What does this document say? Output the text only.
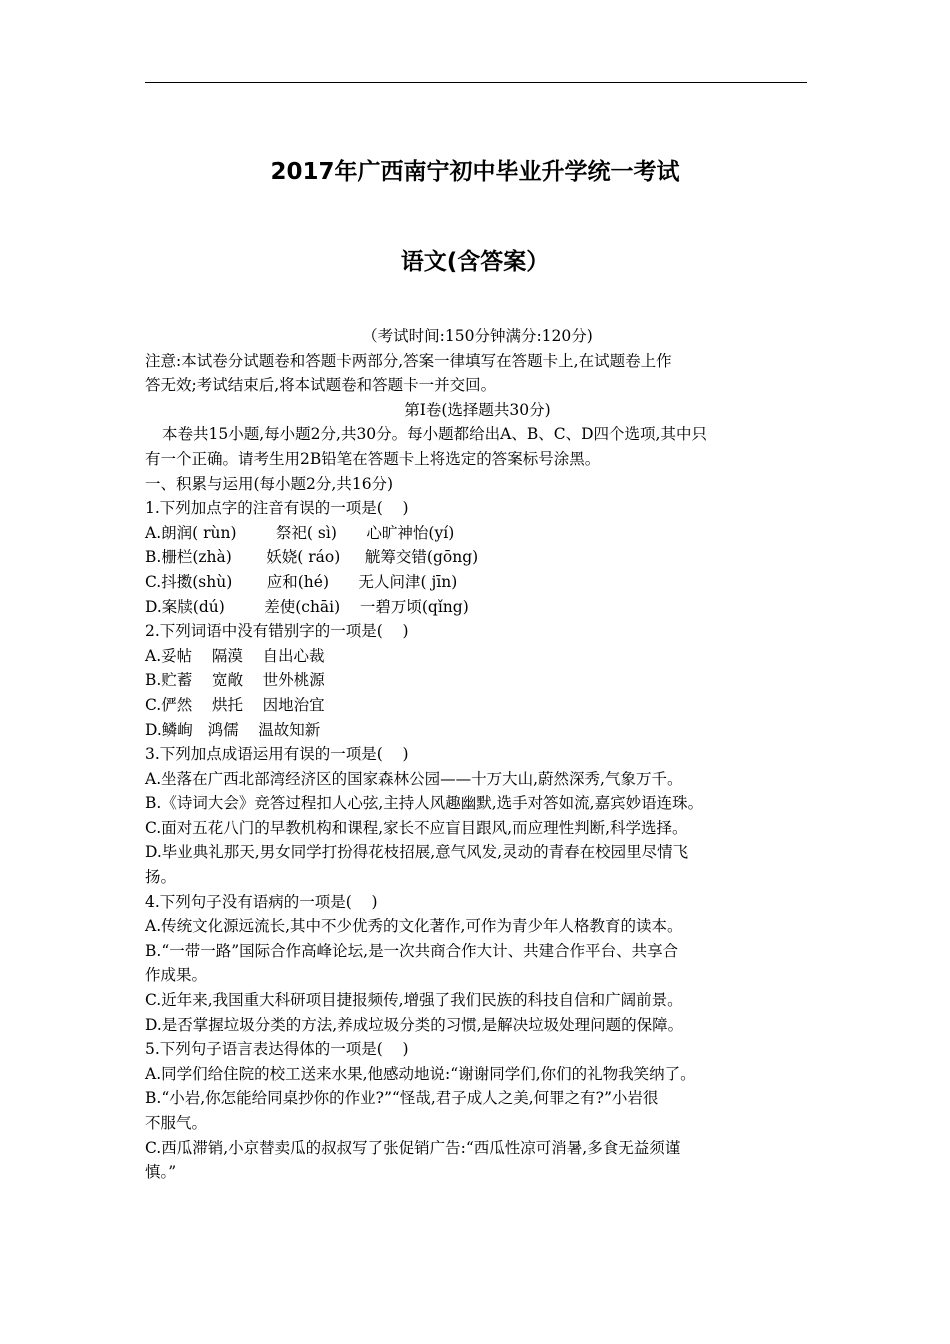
2017年广西南宁初中毕业升学统一考试
语文(含答案）
（考试时间:150分钟满分:120分)
注意:本试卷分试题卷和答题卡两部分,答案一律填写在答题卡上,在试题卷上作
答无效;考试结束后,将本试题卷和答题卡一并交回。
第Ⅰ卷(选择题共30分)
本卷共15小题,每小题2分,共30分。每小题都给出A、B、C、D四个选项,其中只
有一个正确。请考生用2B铅笔在答题卡上将选定的答案标号涂黑。
一、积累与运用(每小题2分,共16分)
1.下列加点字的注音有误的一项是(    )
A.朗润( rùn)        祭祀( sì)      心旷神怡(yí)
B.栅栏(zhà)       妖娆( ráo)     觥筹交错(gōng)
C.抖擞(shù)       应和(hé)      无人问津( jīn)
D.案牍(dú)        差使(chāi)    一碧万顷(qǐng)
2.下列词语中没有错别字的一项是(    )
A.妥帖    隔漠    自出心裁
B.贮蓄    宽敞    世外桃源
C.俨然    烘托    因地治宜
D.鳞峋   鸿儒    温故知新
3.下列加点成语运用有误的一项是(    )
A.坐落在广西北部湾经济区的国家森林公园——十万大山,蔚然深秀,气象万千。
B.《诗词大会》竞答过程扣人心弦,主持人风趣幽默,选手对答如流,嘉宾妙语连珠。
C.面对五花八门的早教机构和课程,家长不应盲目跟风,而应理性判断,科学选择。
D.毕业典礼那天,男女同学打扮得花枝招展,意气风发,灵动的青春在校园里尽情飞
扬。
4.下列句子没有语病的一项是(    )
A.传统文化源远流长,其中不少优秀的文化著作,可作为青少年人格教育的读本。
B.“一带一路”国际合作高峰论坛,是一次共商合作大计、共建合作平台、共享合
作成果。
C.近年来,我国重大科研项目捷报频传,增强了我们民族的科技自信和广阔前景。
D.是否掌握垃圾分类的方法,养成垃圾分类的习惯,是解决垃圾处理问题的保障。
5.下列句子语言表达得体的一项是(    )
A.同学们给住院的校工送来水果,他感动地说:“谢谢同学们,你们的礼物我笑纳了。
B.“小岩,你怎能给同桌抄你的作业?”“怪哉,君子成人之美,何罪之有?”小岩很
不服气。
C.西瓜滞销,小京替卖瓜的叔叔写了张促销广告:“西瓜性凉可消暑,多食无益须谨
慎。”
